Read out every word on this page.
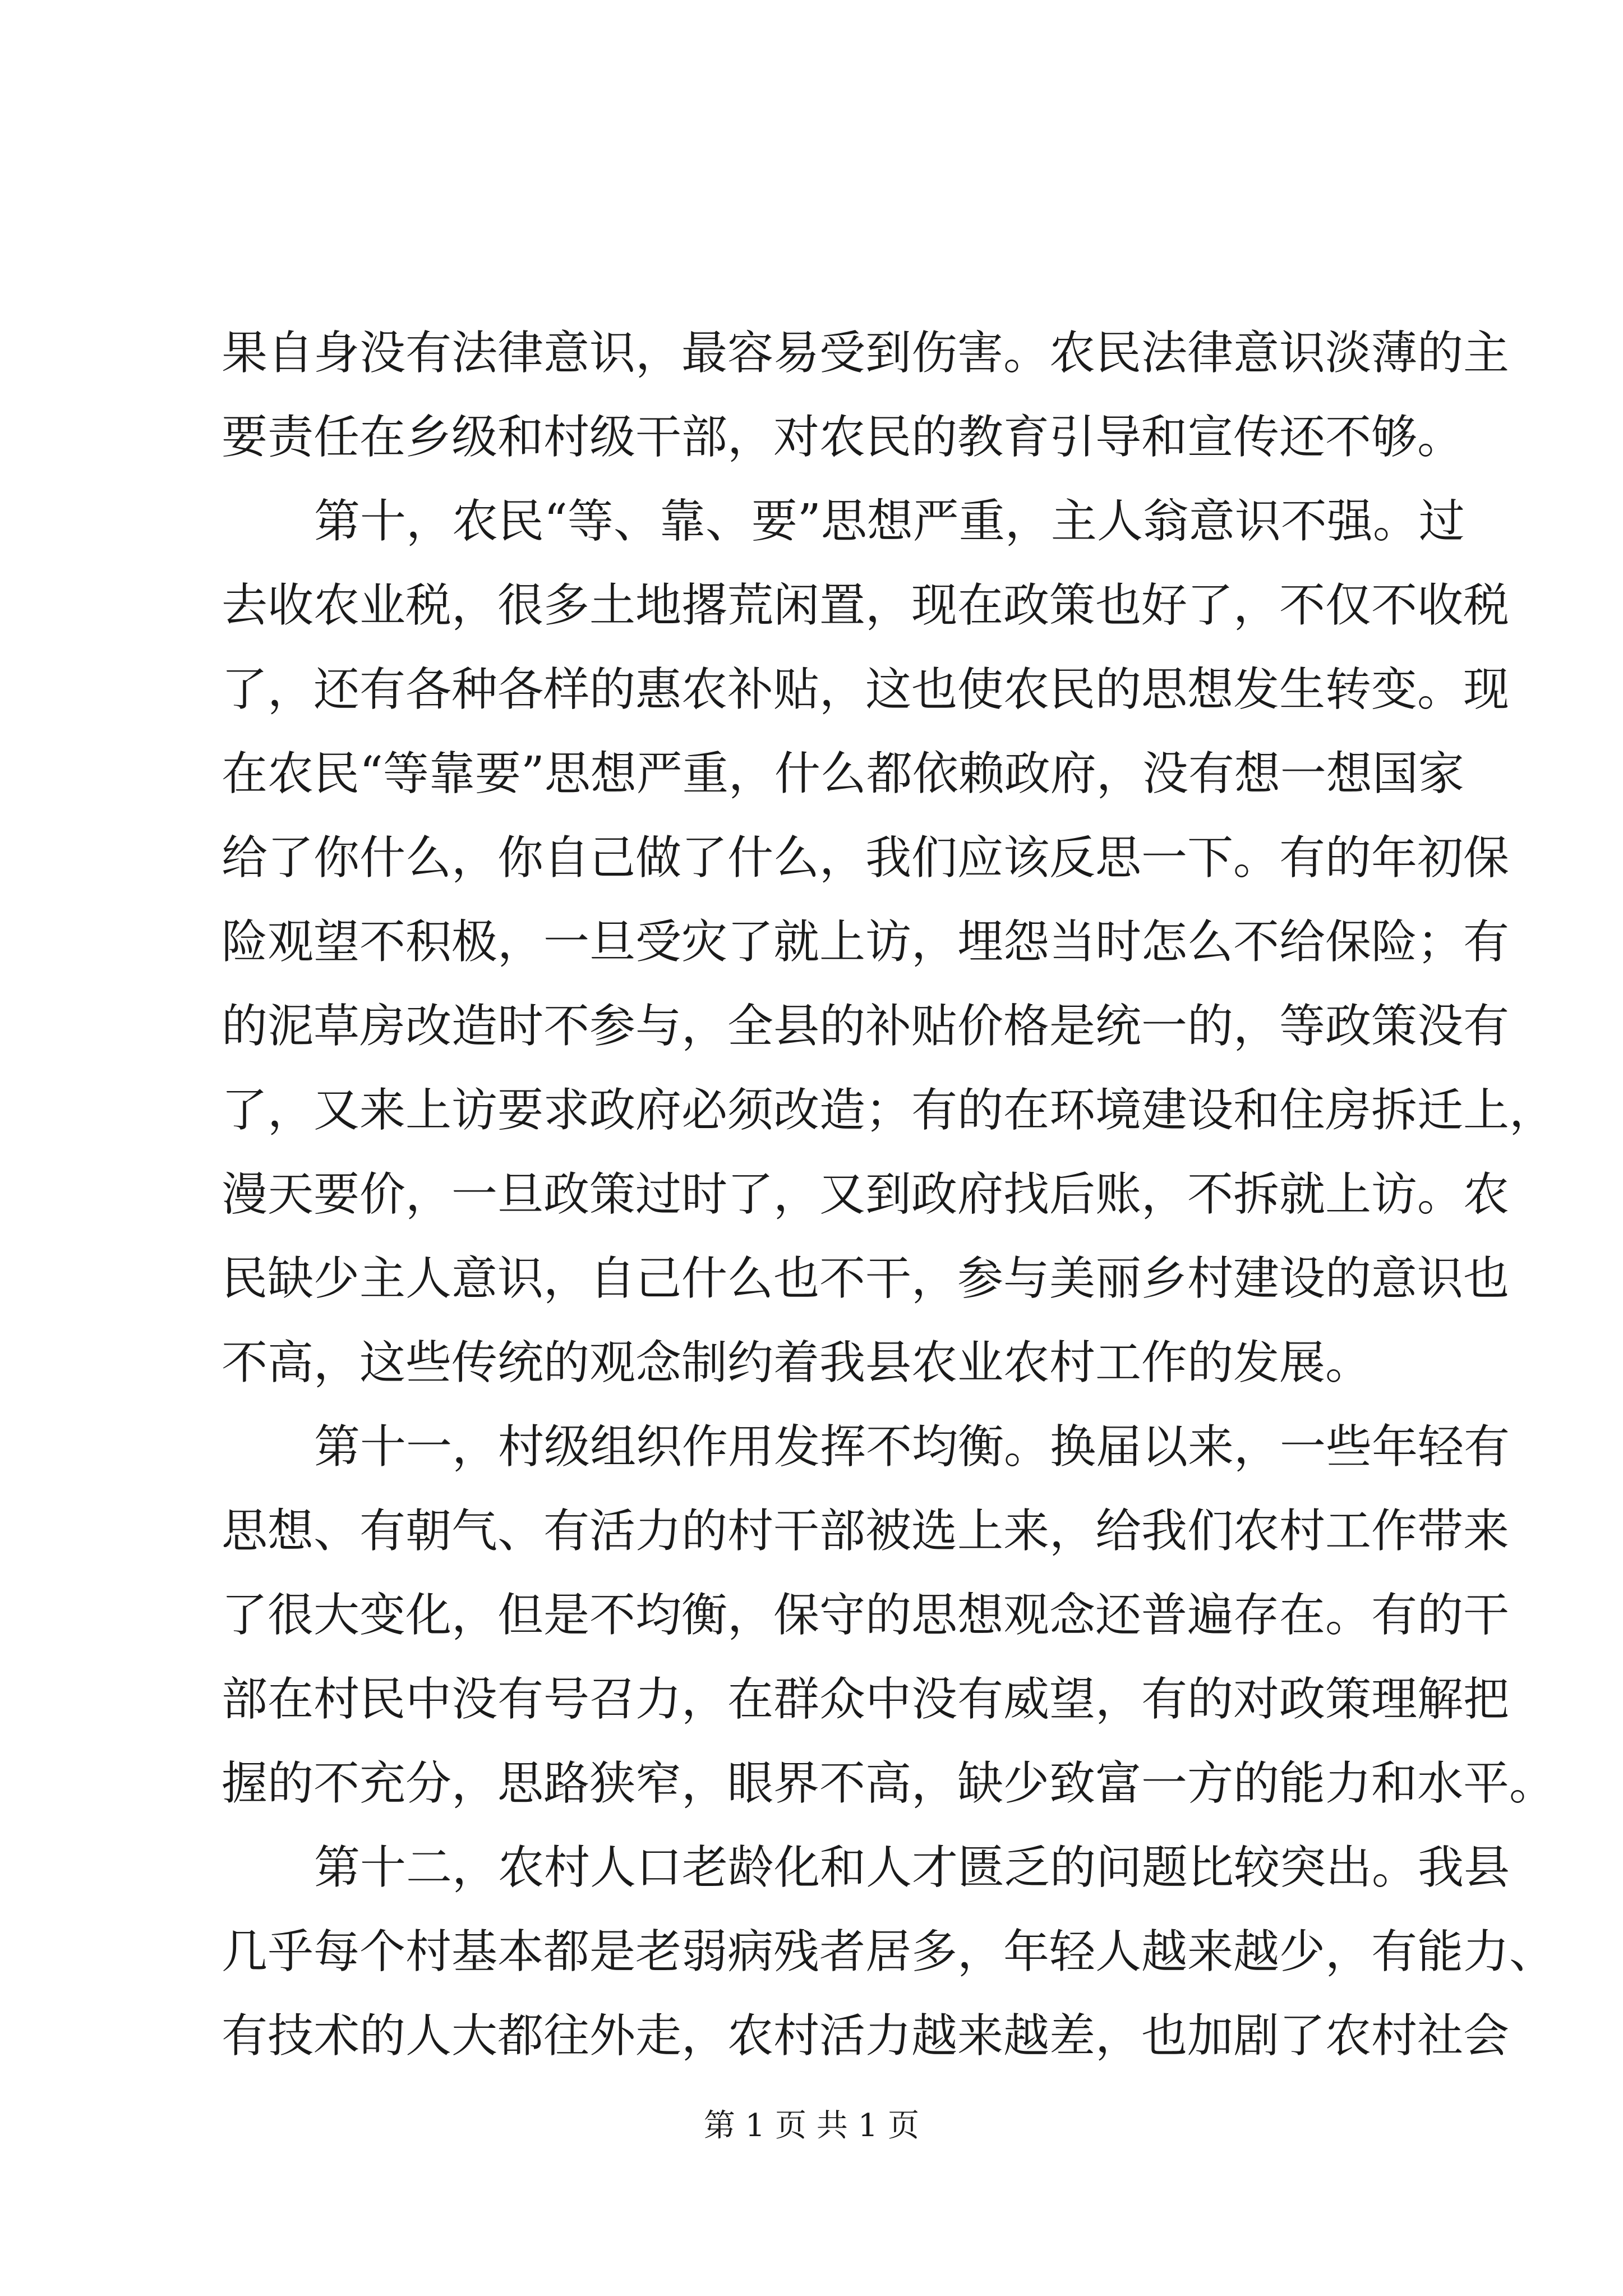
果自身没有法律意识，最容易受到伤害。农民法律意识淡薄的主
要责任在乡级和村级干部，对农民的教育引导和宣传还不够。
第十，农民“等、靠、要”思想严重，主人翁意识不强。过
去收农业税，很多土地撂荒闲置，现在政策也好了，不仅不收税
了，还有各种各样的惠农补贴，这也使农民的思想发生转变。现
在农民“等靠要”思想严重，什么都依赖政府，没有想一想国家
给了你什么，你自己做了什么，我们应该反思一下。有的年初保
险观望不积极，一旦受灾了就上访，埋怨当时怎么不给保险；有
的泥草房改造时不参与，全县的补贴价格是统一的，等政策没有
了，又来上访要求政府必须改造；有的在环境建设和住房拆迁上，
漫天要价，一旦政策过时了，又到政府找后账，不拆就上访。农
民缺少主人意识，自己什么也不干，参与美丽乡村建设的意识也
不高，这些传统的观念制约着我县农业农村工作的发展。
第十一，村级组织作用发挥不均衡。换届以来，一些年轻有
思想、有朝气、有活力的村干部被选上来，给我们农村工作带来
了很大变化，但是不均衡，保守的思想观念还普遍存在。有的干
部在村民中没有号召力，在群众中没有威望，有的对政策理解把
握的不充分，思路狭窄，眼界不高，缺少致富一方的能力和水平。
第十二，农村人口老龄化和人才匮乏的问题比较突出。我县
几乎每个村基本都是老弱病残者居多，年轻人越来越少，有能力、
有技术的人大都往外走，农村活力越来越差，也加剧了农村社会
第 1 页 共 1 页
